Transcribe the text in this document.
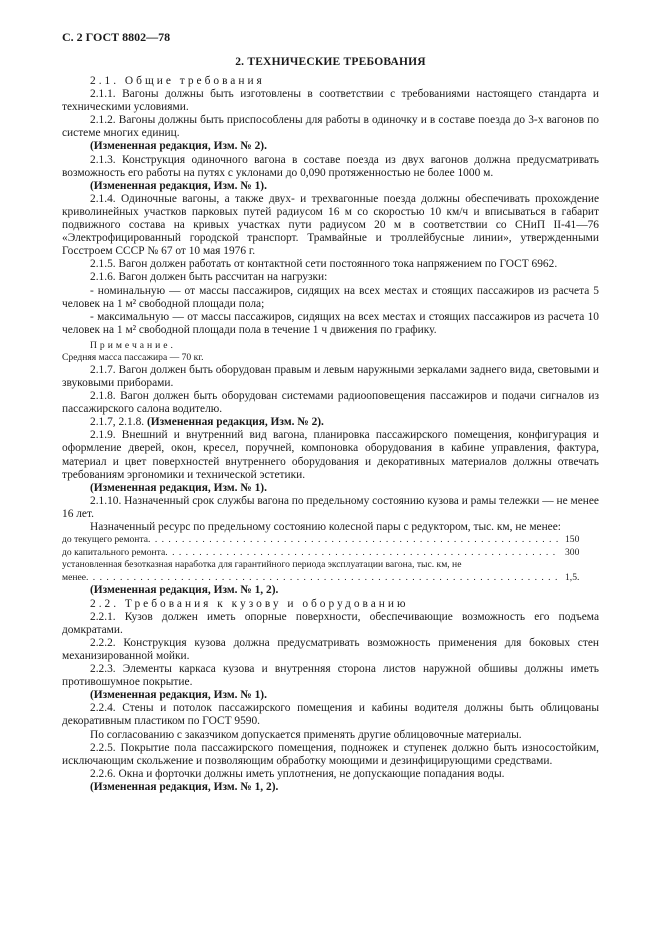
С. 2 ГОСТ 8802—78
2. ТЕХНИЧЕСКИЕ ТРЕБОВАНИЯ

2.1. Общие требования

2.1.1. Вагоны должны быть изготовлены в соответствии с требованиями настоящего стандарта и техническими условиями.

2.1.2. Вагоны должны быть приспособлены для работы в одиночку и в составе поезда до 3-х вагонов по системе многих единиц.

(Измененная редакция, Изм. № 2).

2.1.3. Конструкция одиночного вагона в составе поезда из двух вагонов должна предусматривать возможность его работы на путях с уклонами до 0,090 протяженностью не более 1000 м.

(Измененная редакция, Изм. № 1).

2.1.4. Одиночные вагоны, а также двух- и трехвагонные поезда должны обеспечивать прохождение криволинейных участков парковых путей радиусом 16 м со скоростью 10 км/ч и вписываться в габарит подвижного состава на кривых участках пути радиусом 20 м в соответствии со СНиП II-41—76 «Электрофицированный городской транспорт. Трамвайные и троллейбусные линии», утвержденными Госстроем СССР № 67 от 10 мая 1976 г.

2.1.5. Вагон должен работать от контактной сети постоянного тока напряжением по ГОСТ 6962.

2.1.6. Вагон должен быть рассчитан на нагрузки:

- номинальную — от массы пассажиров, сидящих на всех местах и стоящих пассажиров из расчета 5 человек на 1 м² свободной площади пола;

- максимальную — от массы пассажиров, сидящих на всех местах и стоящих пассажиров из расчета 10 человек на 1 м² свободной площади пола в течение 1 ч движения по графику.

Примечание.

Средняя масса пассажира — 70 кг.

2.1.7. Вагон должен быть оборудован правым и левым наружными зеркалами заднего вида, световыми и звуковыми приборами.

2.1.8. Вагон должен быть оборудован системами радиооповещения пассажиров и подачи сигналов из пассажирского салона водителю.

2.1.7, 2.1.8. (Измененная редакция, Изм. № 2).

2.1.9. Внешний и внутренний вид вагона, планировка пассажирского помещения, конфигурация и оформление дверей, окон, кресел, поручней, компоновка оборудования в кабине управления, фактура, материал и цвет поверхностей внутреннего оборудования и декоративных материалов должны отвечать требованиям эргономики и технической эстетики.

(Измененная редакция, Изм. № 1).

2.1.10. Назначенный срок службы вагона по предельному состоянию кузова и рамы тележки — не менее 16 лет.

Назначенный ресурс по предельному состоянию колесной пары с редуктором, тыс. км, не менее:

до текущего ремонта . . .	150
до капитального ремонта . . .	300
установленная безотказная наработка для гарантийного периода эксплуатации вагона, тыс. км, не
менее . . .	1,5.

(Измененная редакция, Изм. № 1, 2).

2.2. Требования к кузову и оборудованию

2.2.1. Кузов должен иметь опорные поверхности, обеспечивающие возможность его подъема домкратами.

2.2.2. Конструкция кузова должна предусматривать возможность применения для боковых стен механизированной мойки.

2.2.3. Элементы каркаса кузова и внутренняя сторона листов наружной обшивы должны иметь противошумное покрытие.

(Измененная редакция, Изм. № 1).

2.2.4. Стены и потолок пассажирского помещения и кабины водителя должны быть облицованы декоративным пластиком по ГОСТ 9590.

По согласованию с заказчиком допускается применять другие облицовочные материалы.

2.2.5. Покрытие пола пассажирского помещения, подножек и ступенек должно быть износостойким, исключающим скольжение и позволяющим обработку моющими и дезинфицирующими средствами.

2.2.6. Окна и форточки должны иметь уплотнения, не допускающие попадания воды.

(Измененная редакция, Изм. № 1, 2).
